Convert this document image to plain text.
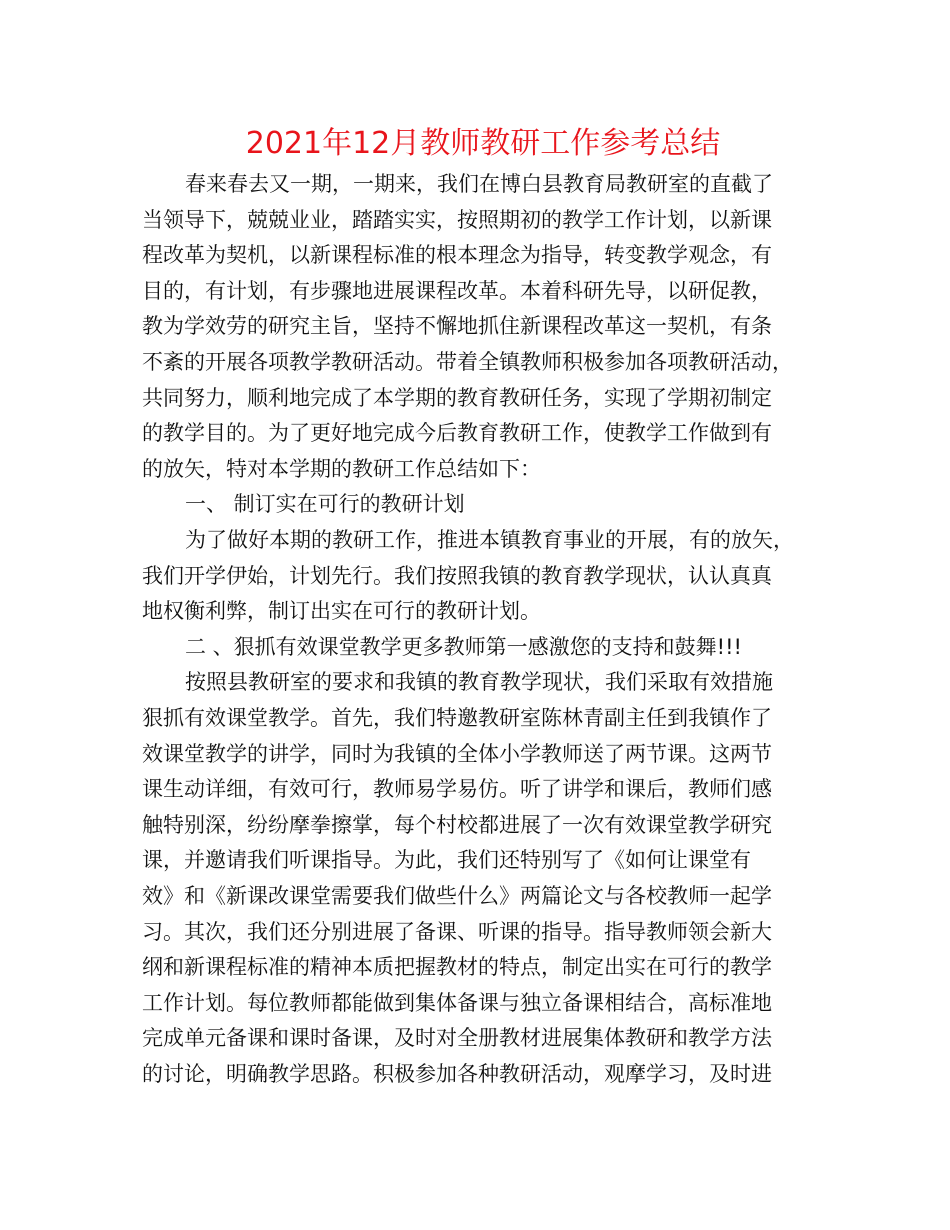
2021年12月教师教研工作参考总结
春来春去又一期，一期来，我们在博白县教育局教研室的直截了
当领导下，兢兢业业，踏踏实实，按照期初的教学工作计划，以新课
程改革为契机，以新课程标准的根本理念为指导，转变教学观念，有
目的，有计划，有步骤地进展课程改革。本着科研先导，以研促教，
教为学效劳的研究主旨，坚持不懈地抓住新课程改革这一契机，有条
不紊的开展各项教学教研活动。带着全镇教师积极参加各项教研活动，
共同努力，顺利地完成了本学期的教育教研任务，实现了学期初制定
的教学目的。为了更好地完成今后教育教研工作，使教学工作做到有
的放矢，特对本学期的教研工作总结如下：
一、 制订实在可行的教研计划
为了做好本期的教研工作，推进本镇教育事业的开展，有的放矢，
我们开学伊始，计划先行。我们按照我镇的教育教学现状，认认真真
地权衡利弊，制订出实在可行的教研计划。
二 、狠抓有效课堂教学更多教师第一感激您的支持和鼓舞!!!
按照县教研室的要求和我镇的教育教学现状，我们采取有效措施
狠抓有效课堂教学。首先，我们特邀教研室陈林青副主任到我镇作了
效课堂教学的讲学，同时为我镇的全体小学教师送了两节课。这两节
课生动详细，有效可行，教师易学易仿。听了讲学和课后，教师们感
触特别深，纷纷摩拳擦掌，每个村校都进展了一次有效课堂教学研究
课，并邀请我们听课指导。为此，我们还特别写了《如何让课堂有
效》和《新课改课堂需要我们做些什么》两篇论文与各校教师一起学
习。其次，我们还分别进展了备课、听课的指导。指导教师领会新大
纲和新课程标准的精神本质把握教材的特点，制定出实在可行的教学
工作计划。每位教师都能做到集体备课与独立备课相结合，高标准地
完成单元备课和课时备课，及时对全册教材进展集体教研和教学方法
的讨论，明确教学思路。积极参加各种教研活动，观摩学习，及时进
